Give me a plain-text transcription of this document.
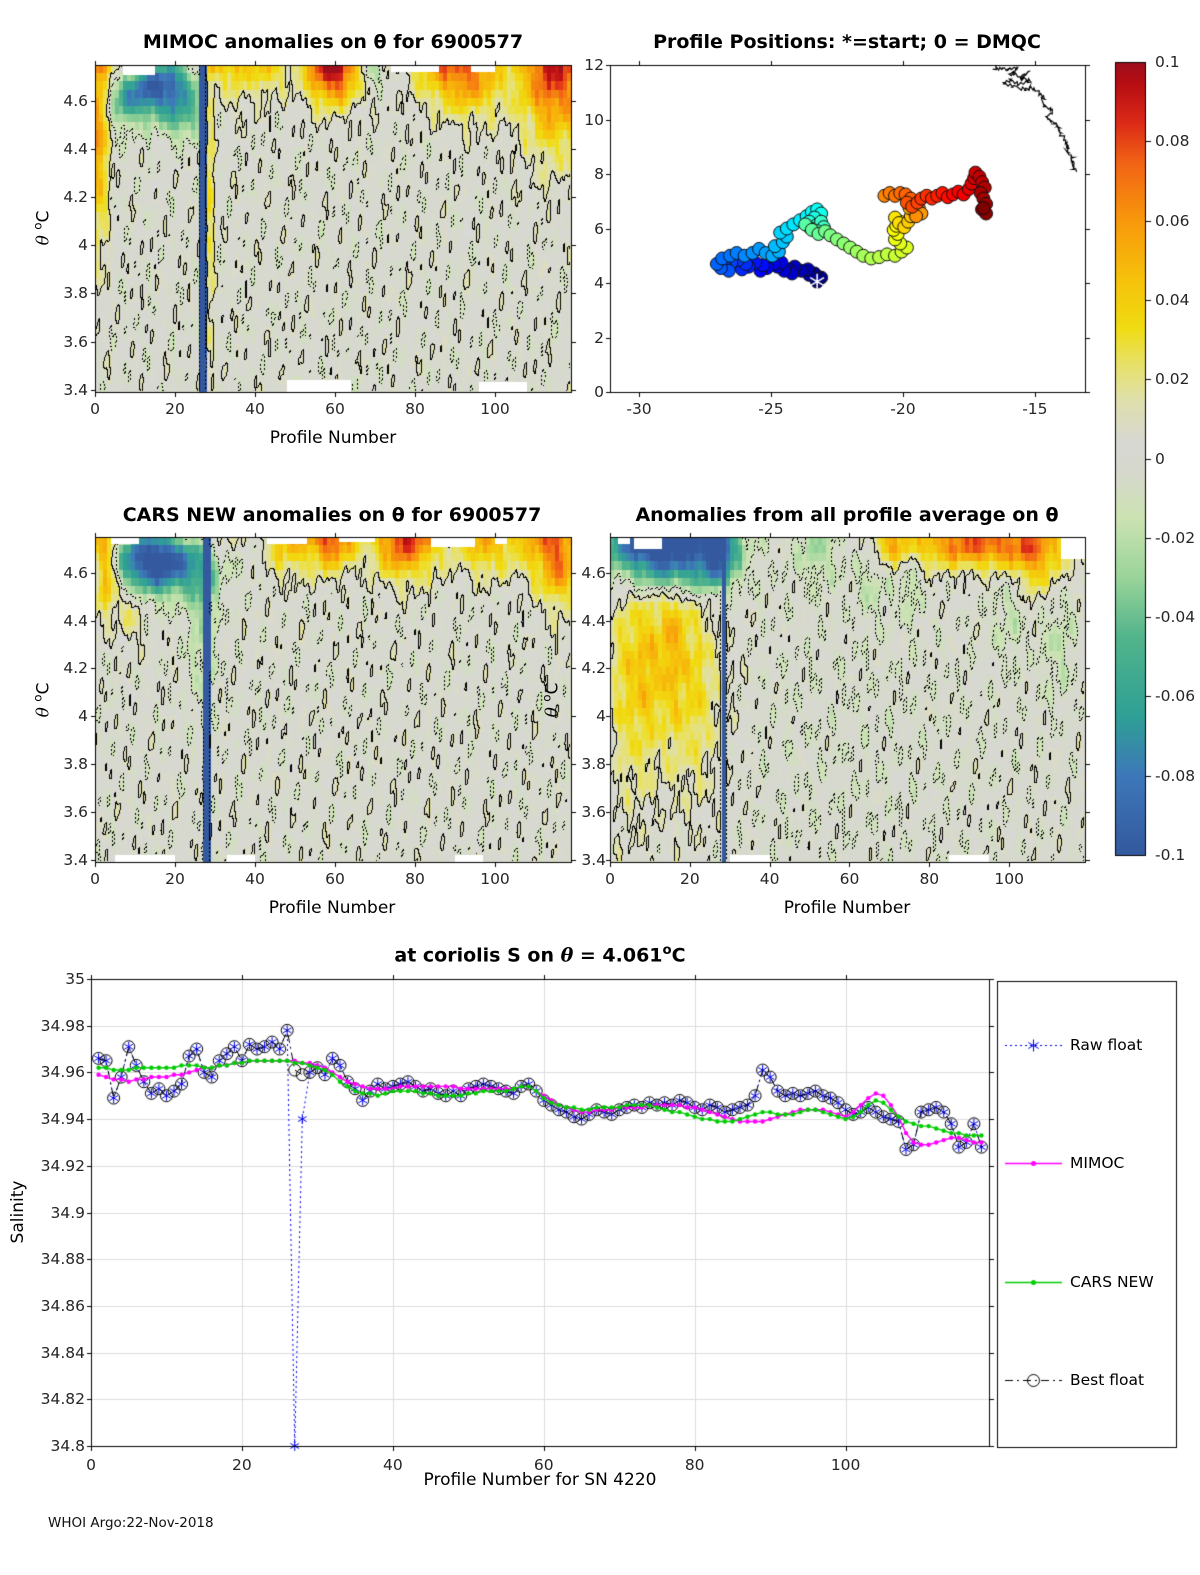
MIMOC anomalies on θ for 6900577	Profile Positions: *=start; 0 = DMQC
CARS NEW anomalies on θ for 6900577	Anomalies from all profile average on θ
at coriolis S on $\theta = 4.061^oC$
Profile Number
Profile Number	Profile Number
Profile Number for SN 4220
θ $^o$C
θ $^o$C
θ $^o$C
Salinity
Raw float
MIMOC
CARS NEW
Best float
WHOI Argo:22-Nov-2018
0	20	40	60	80	100
4.6
4.4
4.2
4
3.8
3.6
3.4
0	20	40	60	80	100
4.6
4.4
4.2
4
3.8
3.6
3.4
0	20	40	60	80	100
4.6
4.4
4.2
4
3.8
3.6
3.4
-30	-25	-20	-15
0
2
4
6
8
10
12	0.1
0.08
0.06
0.04
0.02
0
-0.02
-0.04
-0.06
-0.08
-0.1
0	20	40	60	80	100
35
34.98
34.96
34.94
34.92
34.9
34.88
34.86
34.84
34.82
34.8
